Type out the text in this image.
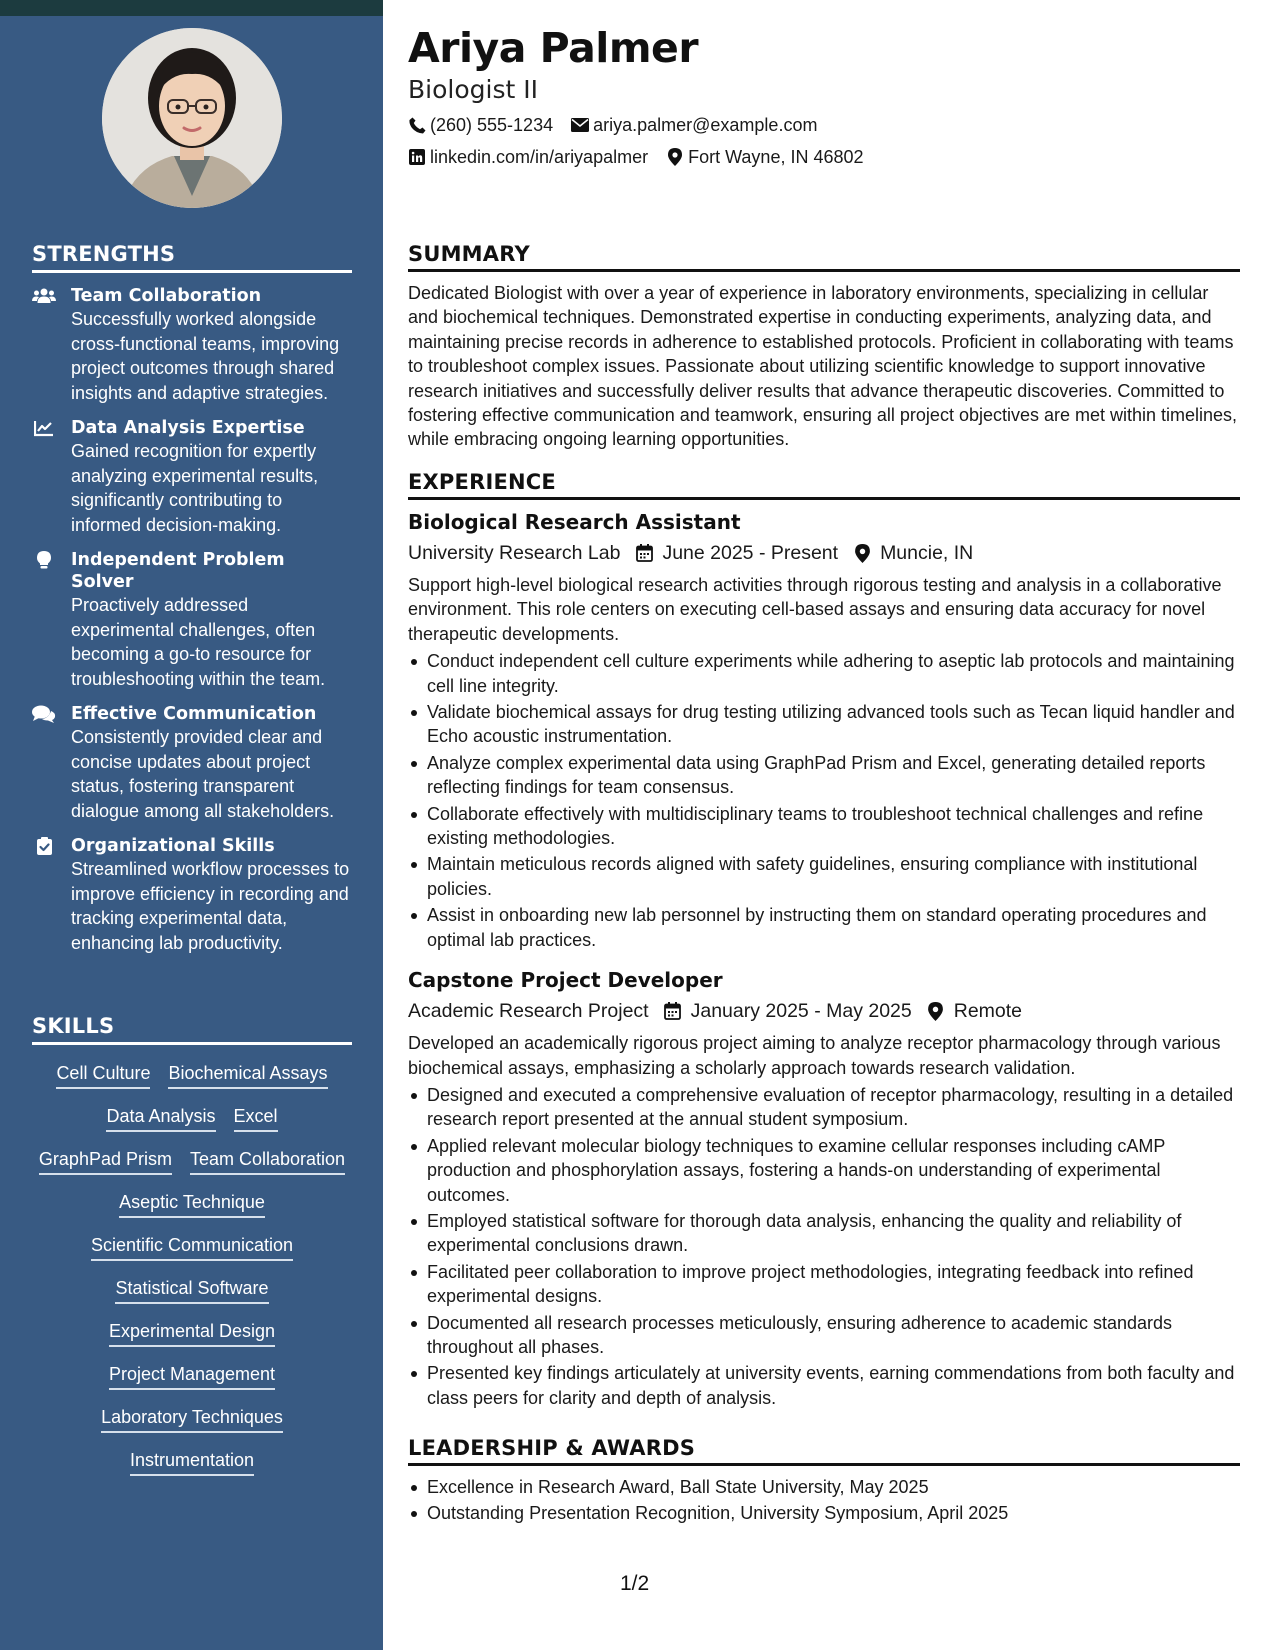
STRENGTHS
Team Collaboration
Successfully worked alongside cross-functional teams, improving project outcomes through shared insights and adaptive strategies.
Data Analysis Expertise
Gained recognition for expertly analyzing experimental results, significantly contributing to informed decision-making.
Independent Problem Solver
Proactively addressed experimental challenges, often becoming a go-to resource for troubleshooting within the team.
Effective Communication
Consistently provided clear and concise updates about project status, fostering transparent dialogue among all stakeholders.
Organizational Skills
Streamlined workflow processes to improve efficiency in recording and tracking experimental data, enhancing lab productivity.
SKILLS
Cell Culture Biochemical Assays
Data Analysis Excel
GraphPad Prism Team Collaboration
Aseptic Technique
Scientific Communication
Statistical Software
Experimental Design
Project Management
Laboratory Techniques
Instrumentation
Ariya Palmer
Biologist II
(260) 555-1234 ariya.palmer@example.com
linkedin.com/in/ariyapalmer Fort Wayne, IN 46802
SUMMARY

Dedicated Biologist with over a year of experience in laboratory environments, specializing in cellular and biochemical techniques. Demonstrated expertise in conducting experiments, analyzing data, and maintaining precise records in adherence to established protocols. Proficient in collaborating with teams to troubleshoot complex issues. Passionate about utilizing scientific knowledge to support innovative research initiatives and successfully deliver results that advance therapeutic discoveries. Committed to fostering effective communication and teamwork, ensuring all project objectives are met within timelines, while embracing ongoing learning opportunities.

EXPERIENCE
Biological Research Assistant
University Research Lab June 2025 - Present Muncie, IN

Support high-level biological research activities through rigorous testing and analysis in a collaborative environment. This role centers on executing cell-based assays and ensuring data accuracy for novel therapeutic developments.

Conduct independent cell culture experiments while adhering to aseptic lab protocols and maintaining cell line integrity.
Validate biochemical assays for drug testing utilizing advanced tools such as Tecan liquid handler and Echo acoustic instrumentation.
Analyze complex experimental data using GraphPad Prism and Excel, generating detailed reports reflecting findings for team consensus.
Collaborate effectively with multidisciplinary teams to troubleshoot technical challenges and refine existing methodologies.
Maintain meticulous records aligned with safety guidelines, ensuring compliance with institutional policies.
Assist in onboarding new lab personnel by instructing them on standard operating procedures and optimal lab practices.
Capstone Project Developer
Academic Research Project January 2025 - May 2025 Remote

Developed an academically rigorous project aiming to analyze receptor pharmacology through various biochemical assays, emphasizing a scholarly approach towards research validation.

Designed and executed a comprehensive evaluation of receptor pharmacology, resulting in a detailed research report presented at the annual student symposium.
Applied relevant molecular biology techniques to examine cellular responses including cAMP production and phosphorylation assays, fostering a hands-on understanding of experimental outcomes.
Employed statistical software for thorough data analysis, enhancing the quality and reliability of experimental conclusions drawn.
Facilitated peer collaboration to improve project methodologies, integrating feedback into refined experimental designs.
Documented all research processes meticulously, ensuring adherence to academic standards throughout all phases.
Presented key findings articulately at university events, earning commendations from both faculty and class peers for clarity and depth of analysis.
LEADERSHIP & AWARDS
Excellence in Research Award, Ball State University, May 2025
Outstanding Presentation Recognition, University Symposium, April 2025
1/2
